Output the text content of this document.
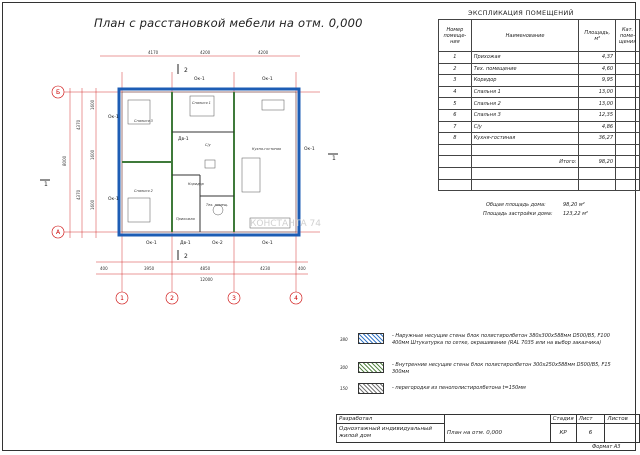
План с расстановкой мебели на отм. 0,000
ЭКСПЛИКАЦИЯ ПОМЕЩЕНИЙ
Номер помеще-ния	Наименование	Площадь, м²	Кат. поме-щения
1	Прихожая	4,37	
2	Тех. помещение	4,60	
3	Коридор	9,95	
4	Спальня 1	13,00	
5	Спальня 2	13,00	
6	Спальня 3	12,35	
7	С/у	4,86	
8	Кухня-гостиная	36,27	

	Итого:	98,20	

Общая площадь дома:	98,20 м²
Площадь застройки дома: 123,22 м²
Спальня 3
Спальня 2
Спальня 1
Кухня-гостиная
Прихожая
Коридор
С/у
Тех. помещ.
Ок-1	Ок-1
Ок-1
Ок-1
Ок-1
Ок-2	Ок-1
Ок-1	Дв-1
Дв-1
4170	4200	4200
400	3950	4850	4230	400
12000
8000
4370
4370
1600
1600
1600
1	2	3	4
А
Б
1
1
2
2
КОНСТАНТА 74
- Наружные несущие стены блок полистиролбетон 380х300х588мм D500/В5, F100 400мм Штукатурка по сетке, окрашивание (RAL 7035 или на выбор заказчика)
- Внутренние несущие стены блок полистиролбетон 300х250х588мм D500/В5, F15 300мм
- перегородки из пенополистиролбетона t=150мм
380
300
150
Разработал		Стадия	Лист	Листов
Одноэтажный индивидуальный жилой дом	План на отм. 0,000	КР	6	
Формат А3
